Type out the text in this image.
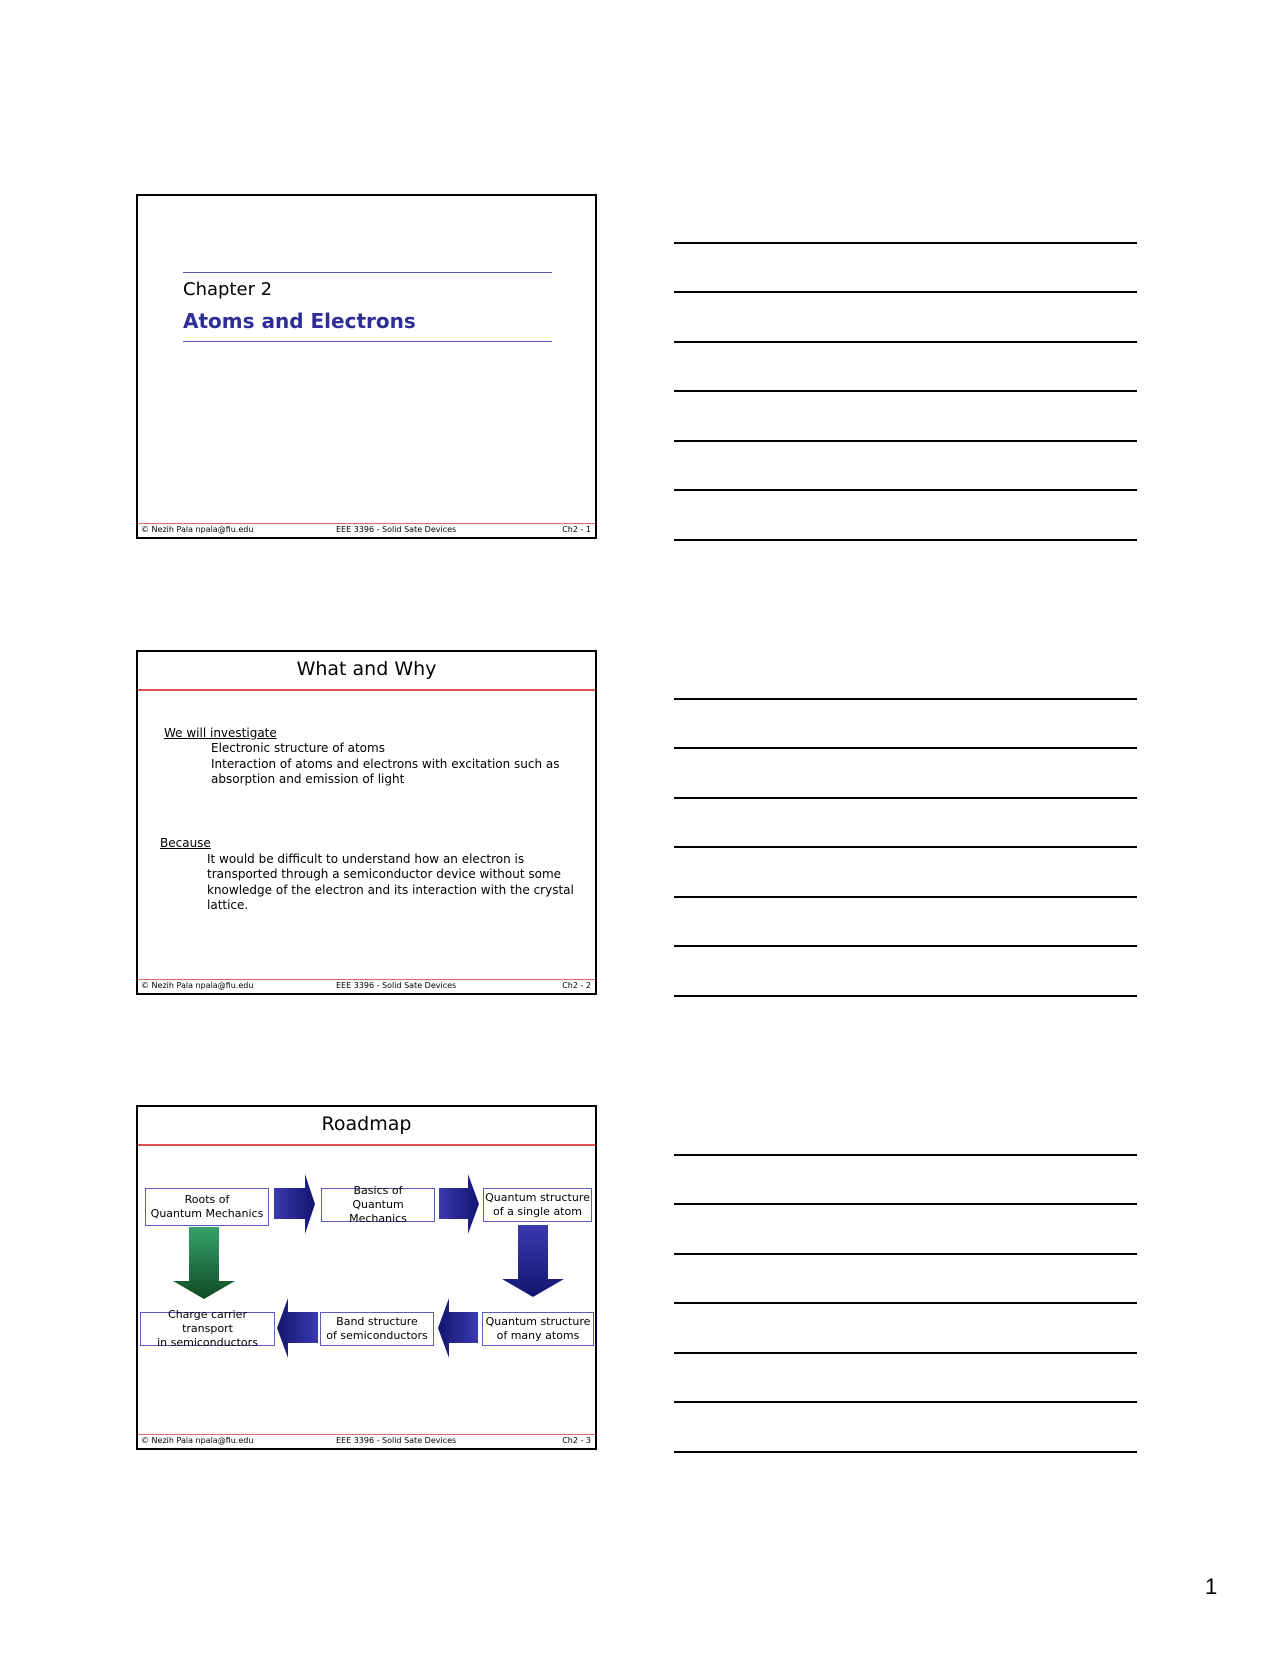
Chapter 2
Atoms and Electrons
© Nezih Pala npala@fiu.edu	EEE 3396 - Solid Sate Devices	Ch2 - 1
What and Why
We will investigate
Electronic structure of atoms
Interaction of atoms and electrons with excitation such as
absorption and emission of light
Because
It would be difficult to understand how an electron is
transported through a semiconductor device without some
knowledge of the electron and its interaction with the crystal
lattice.
© Nezih Pala npala@fiu.edu	EEE 3396 - Solid Sate Devices	Ch2 - 2
Roadmap
Roots of
Quantum Mechanics
Basics of
Quantum Mechanics
Quantum structure
of a single atom
Charge carrier transport
in semiconductors
Band structure
of semiconductors
Quantum structure
of many atoms
© Nezih Pala npala@fiu.edu	EEE 3396 - Solid Sate Devices	Ch2 - 3
1
